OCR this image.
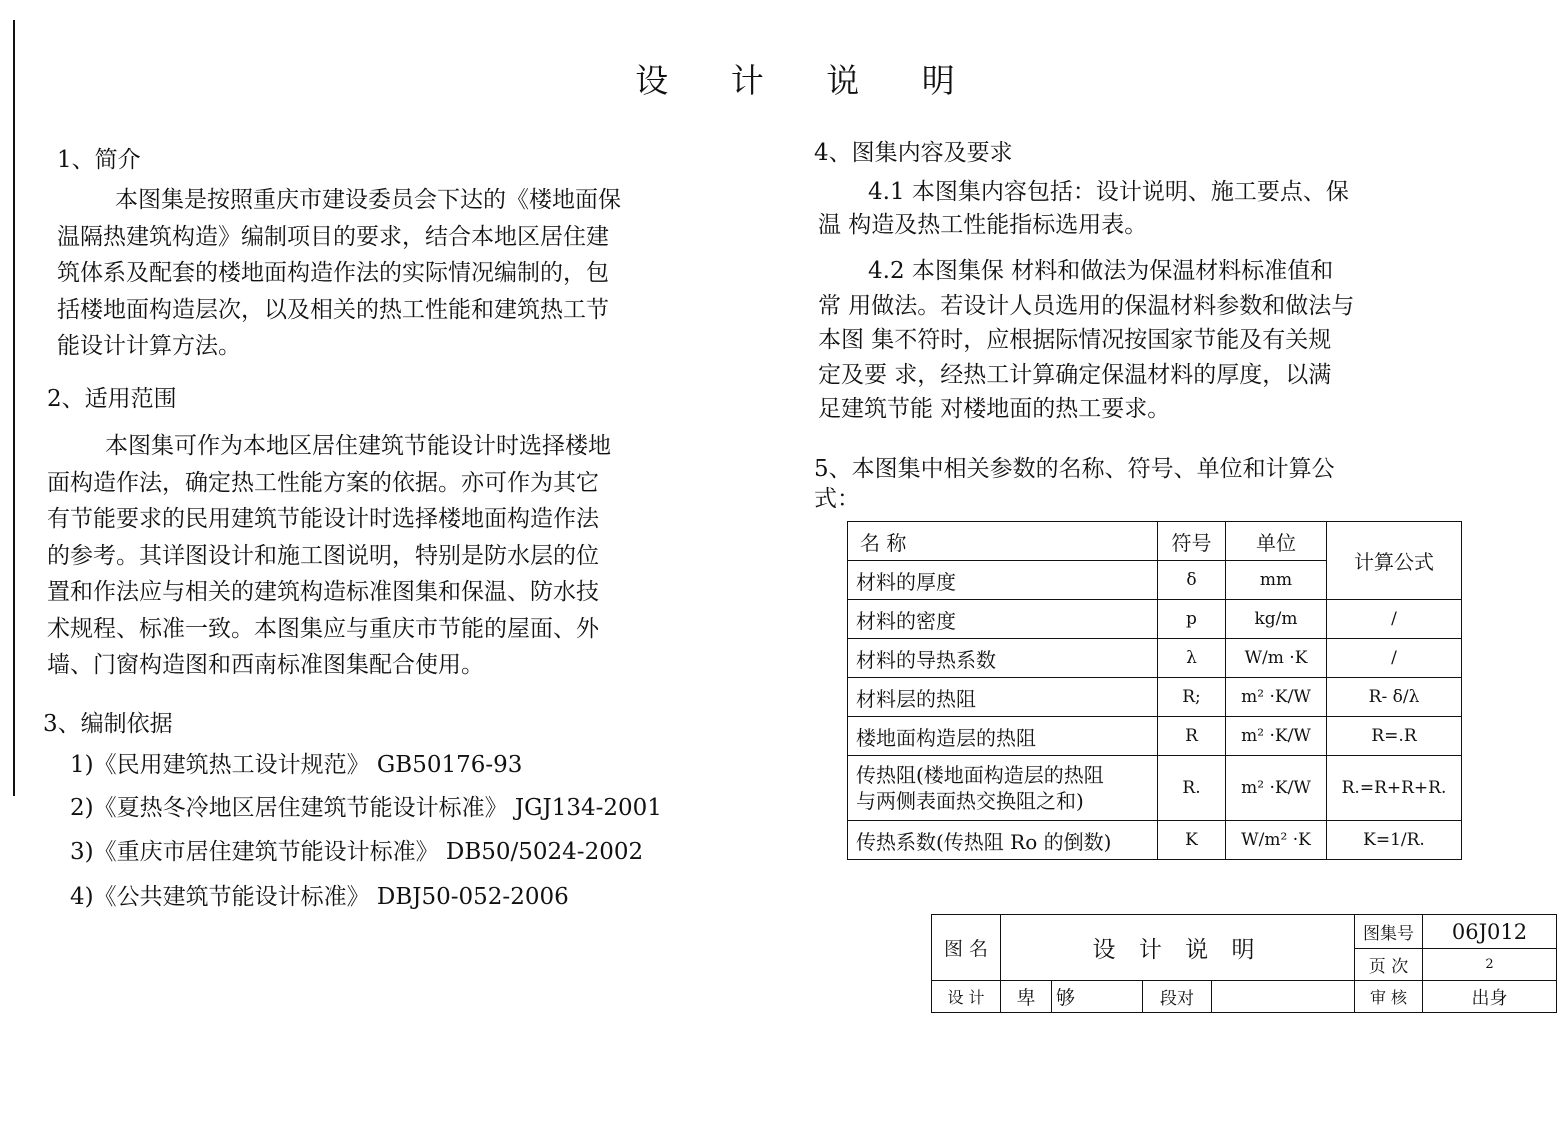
设 计 说 明
1、简介
本图集是按照重庆市建设委员会下达的《楼地面保
温隔热建筑构造》编制项目的要求，结合本地区居住建
筑体系及配套的楼地面构造作法的实际情况编制的，包
括楼地面构造层次，以及相关的热工性能和建筑热工节
能设计计算方法。
2、适用范围
本图集可作为本地区居住建筑节能设计时选择楼地
面构造作法，确定热工性能方案的依据。亦可作为其它
有节能要求的民用建筑节能设计时选择楼地面构造作法
的参考。其详图设计和施工图说明，特别是防水层的位
置和作法应与相关的建筑构造标准图集和保温、防水技
术规程、标准一致。本图集应与重庆市节能的屋面、外
墙、门窗构造图和西南标准图集配合使用。
3、编制依据
1)《民用建筑热工设计规范》 GB50176-93
2)《夏热冬冷地区居住建筑节能设计标准》 JGJ134-2001
3)《重庆市居住建筑节能设计标准》 DB50/5024-2002
4)《公共建筑节能设计标准》 DBJ50-052-2006
4、图集内容及要求
4.1 本图集内容包括：设计说明、施工要点、保
温 构造及热工性能指标选用表。
4.2 本图集保 材料和做法为保温材料标准值和
常 用做法。若设计人员选用的保温材料参数和做法与
本图 集不符时，应根据际情况按国家节能及有关规
定及要 求，经热工计算确定保温材料的厚度，以满
足建筑节能 对楼地面的热工要求。
5、本图集中相关参数的名称、符号、单位和计算公
式：
名 称	符号	单位	计算公式
材料的厚度	δ	mm	
材料的密度	p	kg/m	/
材料的导热系数	λ	W/m ·K	/
材料层的热阻	R;	m² ·K/W	R- δ/λ
楼地面构造层的热阻	R	m² ·K/W	R=.R

传热阻(楼地面构造层的热阻
与两侧表面热交换阻之和)	R.	m² ·K/W	R.=R+R+R.
传热系数(传热阻 Ro 的倒数)	K	W/m² ·K	K=1/R.
图 名	设 计 说 明				图集号	06J012
					页 次	2
设 计	卑	够	段对		审 核	出身
